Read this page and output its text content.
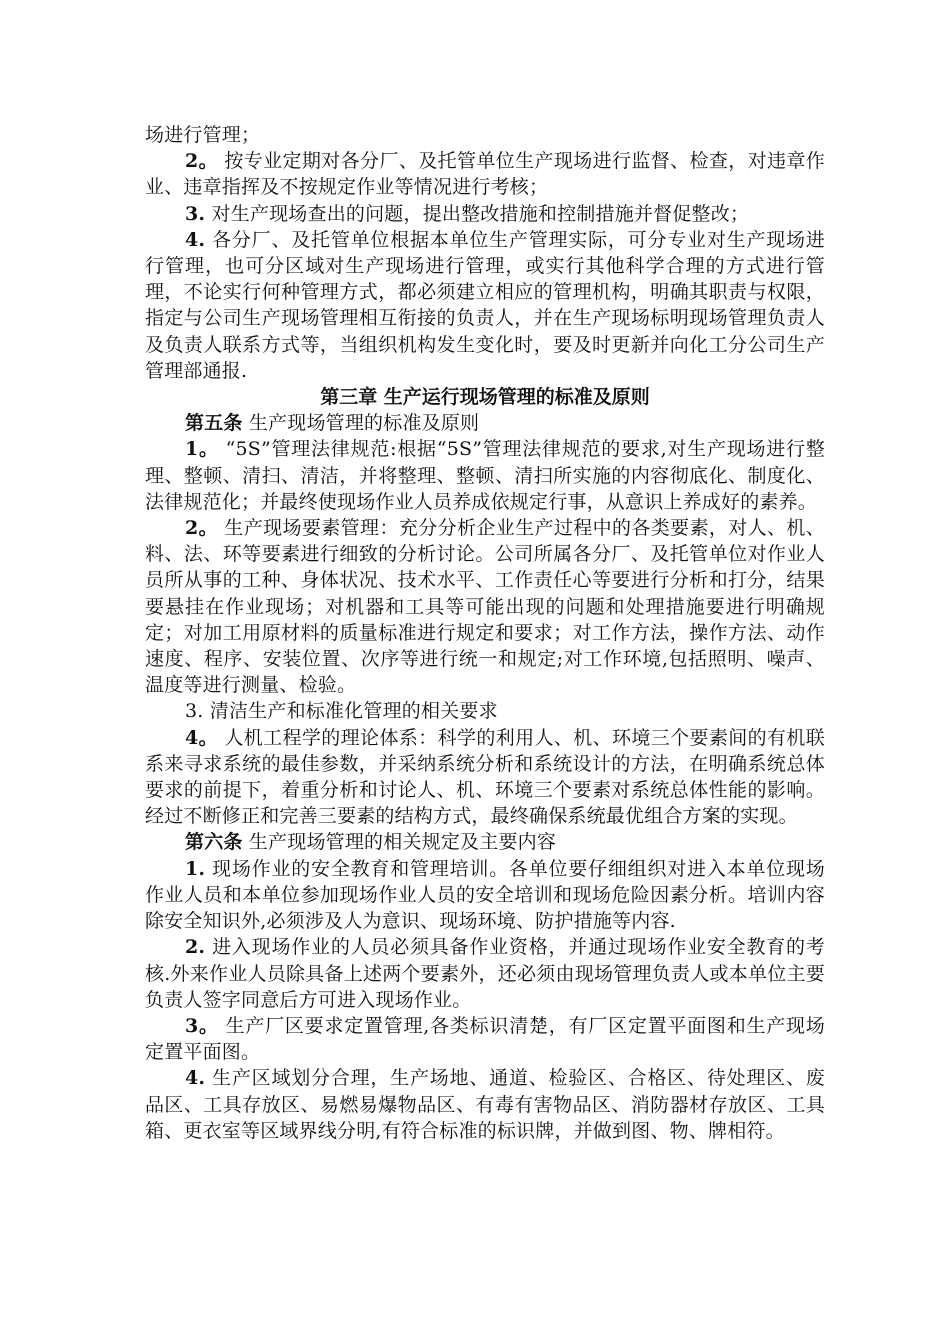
场进行管理；

2。 按专业定期对各分厂、及托管单位生产现场进行监督、检查，对违章作业、违章指挥及不按规定作业等情况进行考核；

3. 对生产现场查出的问题，提出整改措施和控制措施并督促整改；

4. 各分厂、及托管单位根据本单位生产管理实际，可分专业对生产现场进行管理，也可分区域对生产现场进行管理，或实行其他科学合理的方式进行管理，不论实行何种管理方式，都必须建立相应的管理机构，明确其职责与权限，指定与公司生产现场管理相互衔接的负责人，并在生产现场标明现场管理负责人及负责人联系方式等，当组织机构发生变化时，要及时更新并向化工分公司生产管理部通报.

第三章 生产运行现场管理的标准及原则

第五条 生产现场管理的标准及原则

1。 “5S”管理法律规范:根据“5S”管理法律规范的要求,对生产现场进行整理、整顿、清扫、清洁，并将整理、整顿、清扫所实施的内容彻底化、制度化、法律规范化；并最终使现场作业人员养成依规定行事，从意识上养成好的素养。

2。 生产现场要素管理：充分分析企业生产过程中的各类要素，对人、机、料、法、环等要素进行细致的分析讨论。公司所属各分厂、及托管单位对作业人员所从事的工种、身体状况、技术水平、工作责任心等要进行分析和打分，结果要悬挂在作业现场；对机器和工具等可能出现的问题和处理措施要进行明确规定；对加工用原材料的质量标准进行规定和要求；对工作方法，操作方法、动作速度、程序、安装位置、次序等进行统一和规定;对工作环境,包括照明、噪声、温度等进行测量、检验。

3. 清洁生产和标准化管理的相关要求

4。 人机工程学的理论体系：科学的利用人、机、环境三个要素间的有机联系来寻求系统的最佳参数，并采纳系统分析和系统设计的方法，在明确系统总体要求的前提下，着重分析和讨论人、机、环境三个要素对系统总体性能的影响。经过不断修正和完善三要素的结构方式，最终确保系统最优组合方案的实现。

第六条 生产现场管理的相关规定及主要内容

1. 现场作业的安全教育和管理培训。各单位要仔细组织对进入本单位现场作业人员和本单位参加现场作业人员的安全培训和现场危险因素分析。培训内容除安全知识外,必须涉及人为意识、现场环境、防护措施等内容.

2. 进入现场作业的人员必须具备作业资格，并通过现场作业安全教育的考核.外来作业人员除具备上述两个要素外，还必须由现场管理负责人或本单位主要负责人签字同意后方可进入现场作业。

3。 生产厂区要求定置管理,各类标识清楚，有厂区定置平面图和生产现场定置平面图。

4. 生产区域划分合理，生产场地、通道、检验区、合格区、待处理区、废品区、工具存放区、易燃易爆物品区、有毒有害物品区、消防器材存放区、工具箱、更衣室等区域界线分明,有符合标准的标识牌，并做到图、物、牌相符。
